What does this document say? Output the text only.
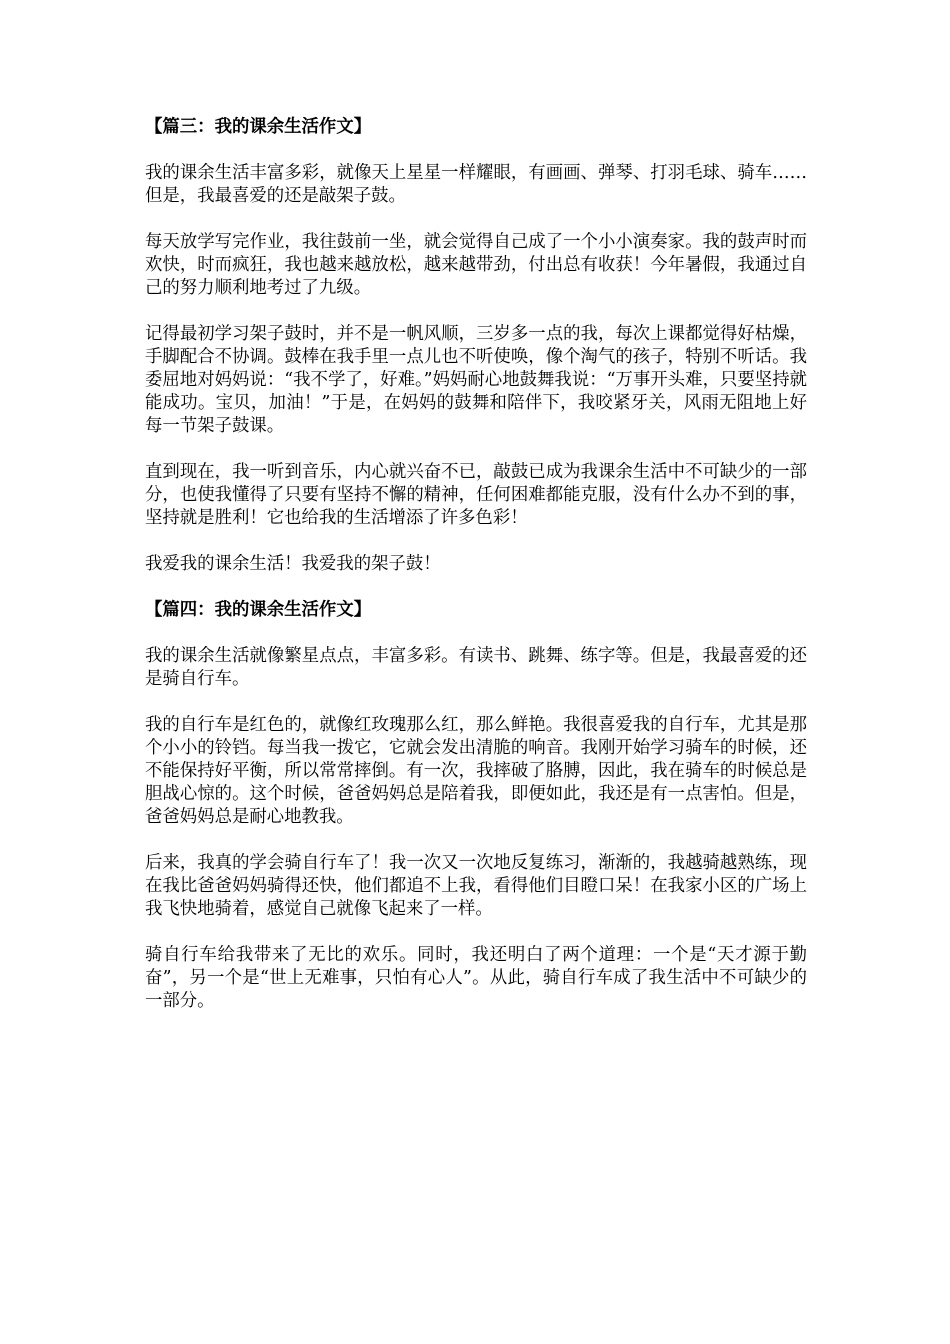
【篇三：我的课余生活作文】
我的课余生活丰富多彩，就像天上星星一样耀眼，有画画、弹琴、打羽毛球、骑车……但是，我最喜爱的还是敲架子鼓。
每天放学写完作业，我往鼓前一坐，就会觉得自己成了一个小小演奏家。我的鼓声时而欢快，时而疯狂，我也越来越放松，越来越带劲，付出总有收获！今年暑假，我通过自己的努力顺利地考过了九级。
记得最初学习架子鼓时，并不是一帆风顺，三岁多一点的我，每次上课都觉得好枯燥，手脚配合不协调。鼓棒在我手里一点儿也不听使唤，像个淘气的孩子，特别不听话。我委屈地对妈妈说：“我不学了，好难。”妈妈耐心地鼓舞我说：“万事开头难，只要坚持就能成功。宝贝，加油！”于是，在妈妈的鼓舞和陪伴下，我咬紧牙关，风雨无阻地上好每一节架子鼓课。
直到现在，我一听到音乐，内心就兴奋不已，敲鼓已成为我课余生活中不可缺少的一部分，也使我懂得了只要有坚持不懈的精神，任何困难都能克服，没有什么办不到的事，坚持就是胜利！它也给我的生活增添了许多色彩！
我爱我的课余生活！我爱我的架子鼓！
【篇四：我的课余生活作文】
我的课余生活就像繁星点点，丰富多彩。有读书、跳舞、练字等。但是，我最喜爱的还是骑自行车。
我的自行车是红色的，就像红玫瑰那么红，那么鲜艳。我很喜爱我的自行车，尤其是那个小小的铃铛。每当我一拨它，它就会发出清脆的响音。我刚开始学习骑车的时候，还不能保持好平衡，所以常常摔倒。有一次，我摔破了胳膊，因此，我在骑车的时候总是胆战心惊的。这个时候，爸爸妈妈总是陪着我，即便如此，我还是有一点害怕。但是，爸爸妈妈总是耐心地教我。
后来，我真的学会骑自行车了！我一次又一次地反复练习，渐渐的，我越骑越熟练，现在我比爸爸妈妈骑得还快，他们都追不上我，看得他们目瞪口呆！在我家小区的广场上我飞快地骑着，感觉自己就像飞起来了一样。
骑自行车给我带来了无比的欢乐。同时，我还明白了两个道理：一个是“天才源于勤奋”，另一个是“世上无难事，只怕有心人”。从此，骑自行车成了我生活中不可缺少的一部分。
